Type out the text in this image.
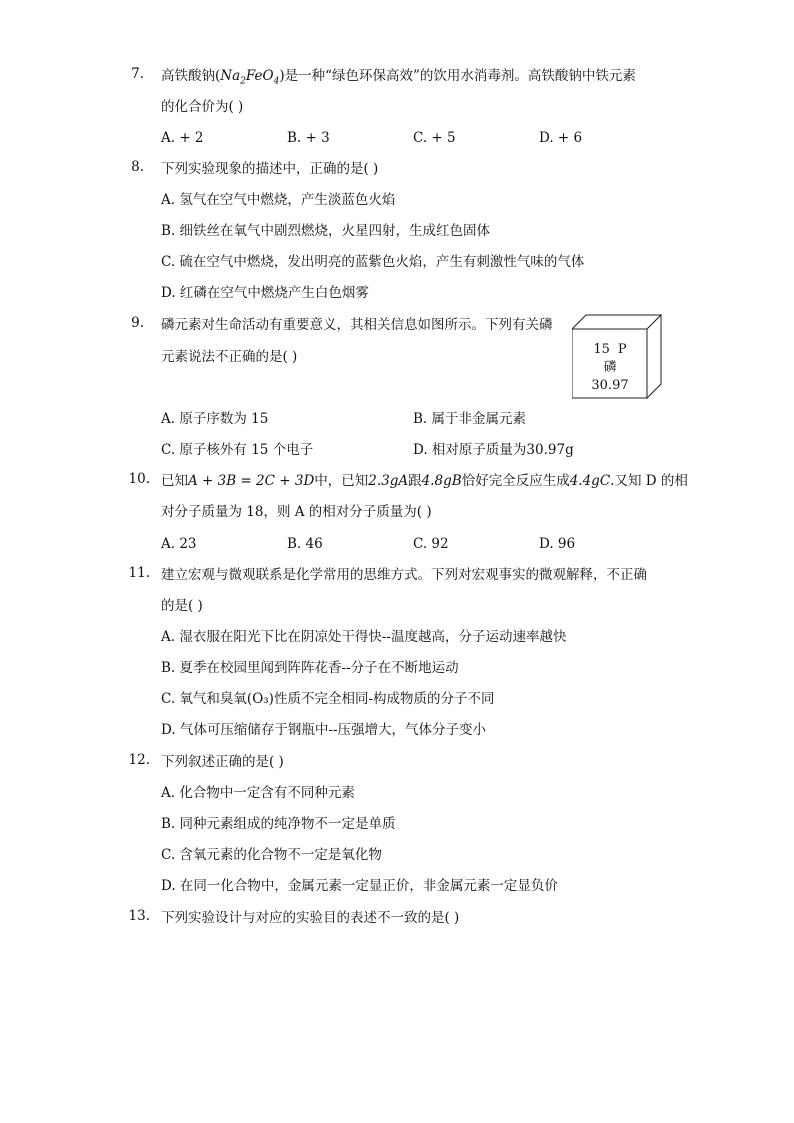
7. 高铁酸钠$(Na_2FeO_4)$是一种“绿色环保高效”的饮用水消毒剂。高铁酸钠中铁元素
的化合价为( )
A. + 2	B. + 3	C. + 5	D. + 6
8. 下列实验现象的描述中，正确的是( )
A. 氢气在空气中燃烧，产生淡蓝色火焰
B. 细铁丝在氧气中剧烈燃烧，火星四射，生成红色固体
C. 硫在空气中燃烧，发出明亮的蓝紫色火焰，产生有刺激性气味的气体
D. 红磷在空气中燃烧产生白色烟雾
9. 磷元素对生命活动有重要意义，其相关信息如图所示。下列有关磷
元素说法不正确的是( )	15 P
磷
30.97
A. 原子序数为 15	B. 属于非金属元素
C. 原子核外有 15 个电子	D. 相对原子质量为30.97g
10. 已知A + 3B = 2C + 3D中，已知2.3gA跟4.8gB恰好完全反应生成4.4gC.又知 D 的相
对分子质量为 18，则 A 的相对分子质量为( )
A. 23	B. 46	C. 92	D. 96
11. 建立宏观与微观联系是化学常用的思维方式。下列对宏观事实的微观解释，不正确
的是( )
A. 湿衣服在阳光下比在阴凉处干得快--温度越高，分子运动速率越快
B. 夏季在校园里闻到阵阵花香--分子在不断地运动
C. 氧气和臭氧(O₃)性质不完全相同-构成物质的分子不同
D. 气体可压缩储存于钢瓶中--压强增大，气体分子变小
12. 下列叙述正确的是( )
A. 化合物中一定含有不同种元素
B. 同种元素组成的纯净物不一定是单质
C. 含氧元素的化合物不一定是氧化物
D. 在同一化合物中，金属元素一定显正价，非金属元素一定显负价
13. 下列实验设计与对应的实验目的表述不一致的是( )
